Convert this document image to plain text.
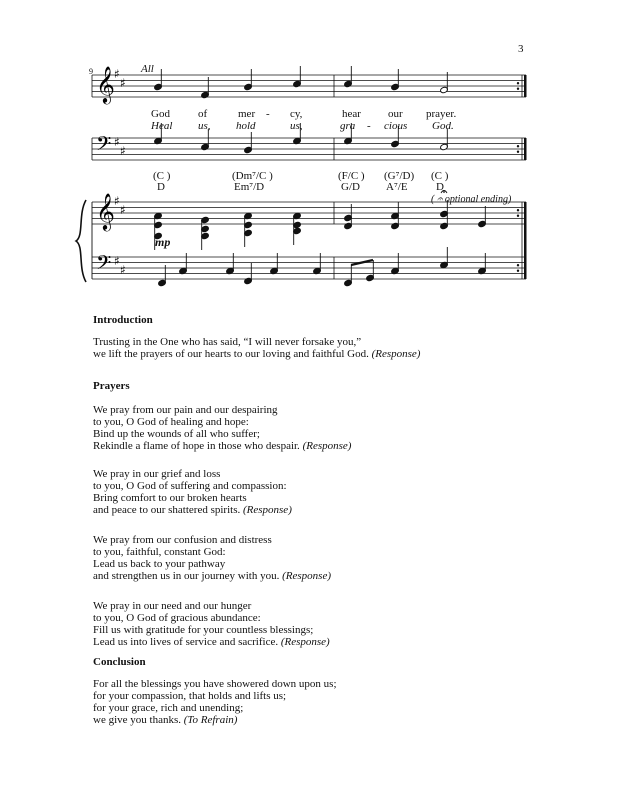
3
𝄞 ♯
♯
𝄢 ♯
♯
𝄞 ♯
♯
𝄢 ♯
♯
9	All
God	of	mer - cy,	hear our prayer.
Heal us, hold	us,	gra - cious God.
(C )	(Dm⁷/C )	(F/C ) (G⁷/D) (C )
D	Em⁷/D	G/D A⁷/E	D
( 𝄐 optional ending)
mp
Introduction
Trusting in the One who has said, “I will never forsake you,”
we lift the prayers of our hearts to our loving and faithful God. (Response)
Prayers
We pray from our pain and our despairing
to you, O God of healing and hope:
Bind up the wounds of all who suffer;
Rekindle a flame of hope in those who despair. (Response)
We pray in our grief and loss
to you, O God of suffering and compassion:
Bring comfort to our broken hearts
and peace to our shattered spirits. (Response)
We pray from our confusion and distress
to you, faithful, constant God:
Lead us back to your pathway
and strengthen us in our journey with you. (Response)
We pray in our need and our hunger
to you, O God of gracious abundance:
Fill us with gratitude for your countless blessings;
Lead us into lives of service and sacrifice. (Response)
Conclusion
For all the blessings you have showered down upon us;
for your compassion, that holds and lifts us;
for your grace, rich and unending;
we give you thanks. (To Refrain)
